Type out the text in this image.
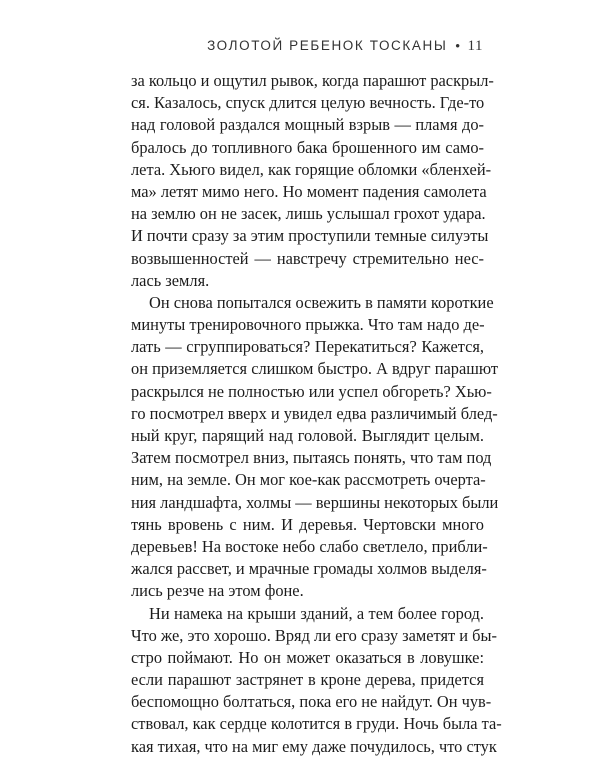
ЗОЛОТОЙ РЕБЕНОК ТОСКАНЫ • 11
за кольцо и ощутил рывок, когда парашют раскрыл-
ся. Казалось, спуск длится целую вечность. Где-то
над головой раздался мощный взрыв — пламя до-
бралось до топливного бака брошенного им само-
лета. Хьюго видел, как горящие обломки «бленхей-
ма» летят мимо него. Но момент падения самолета
на землю он не засек, лишь услышал грохот удара.
И почти сразу за этим проступили темные силуэты
возвышенностей — навстречу стремительно нес-
лась земля.
Он снова попытался освежить в памяти короткие
минуты тренировочного прыжка. Что там надо де-
лать — сгруппироваться? Перекатиться? Кажется,
он приземляется слишком быстро. А вдруг парашют
раскрылся не полностью или успел обгореть? Хью-
го посмотрел вверх и увидел едва различимый блед-
ный круг, парящий над головой. Выглядит целым.
Затем посмотрел вниз, пытаясь понять, что там под
ним, на земле. Он мог кое-как рассмотреть очерта-
ния ландшафта, холмы — вершины некоторых были
тянь вровень с ним. И деревья. Чертовски много
деревьев! На востоке небо слабо светлело, прибли-
жался рассвет, и мрачные громады холмов выделя-
лись резче на этом фоне.
Ни намека на крыши зданий, а тем более город.
Что же, это хорошо. Вряд ли его сразу заметят и бы-
стро поймают. Но он может оказаться в ловушке:
если парашют застрянет в кроне дерева, придется
беспомощно болтаться, пока его не найдут. Он чув-
ствовал, как сердце колотится в груди. Ночь была та-
кая тихая, что на миг ему даже почудилось, что стук
